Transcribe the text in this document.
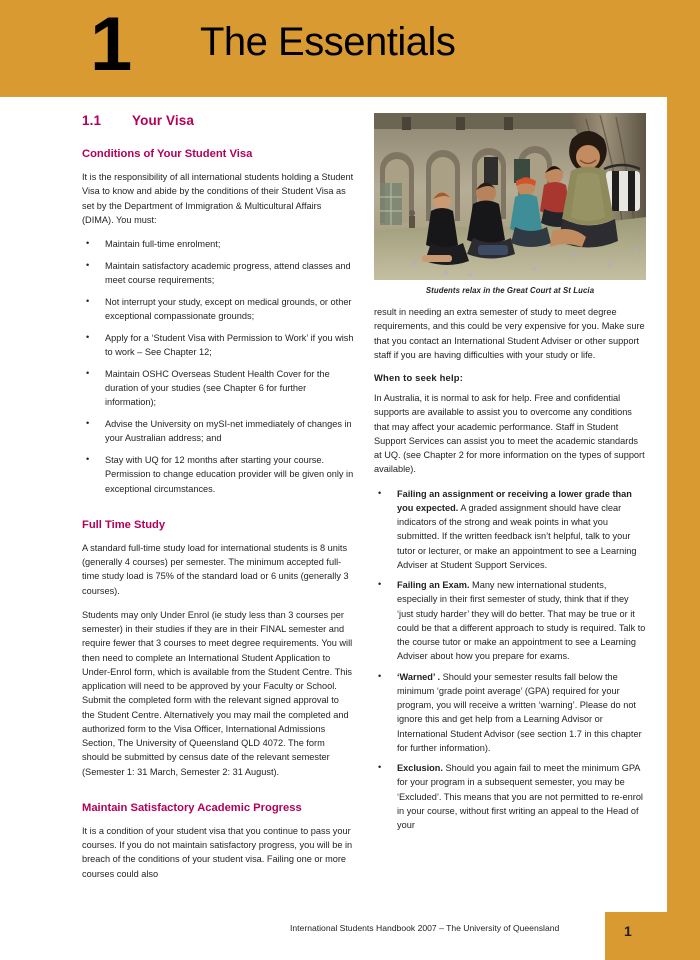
1 The Essentials
1.1 Your Visa
Conditions of Your Student Visa

It is the responsibility of all international students holding a Student Visa to know and abide by the conditions of their Student Visa as set by the Department of Immigration & Multicultural Affairs (DIMA). You must:

• Maintain full-time enrolment;
• Maintain satisfactory academic progress, attend classes and meet course requirements;
• Not interrupt your study, except on medical grounds, or other exceptional compassionate grounds;
• Apply for a ‘Student Visa with Permission to Work’ if you wish to work – See Chapter 12;
• Maintain OSHC Overseas Student Health Cover for the duration of your studies (see Chapter 6 for further information);
• Advise the University on mySI-net immediately of changes in your Australian address; and
• Stay with UQ for 12 months after starting your course. Permission to change education provider will be given only in exceptional circumstances.
Full Time Study

A standard full-time study load for international students is 8 units (generally 4 courses) per semester. The minimum accepted full-time study load is 75% of the standard load or 6 units (generally 3 courses).

Students may only Under Enrol (ie study less than 3 courses per semester) in their studies if they are in their FINAL semester and require fewer that 3 courses to meet degree requirements. You will then need to complete an International Student Application to Under-Enrol form, which is available from the Student Centre. This application will need to be approved by your Faculty or School. Submit the completed form with the relevant signed approval to the Student Centre. Alternatively you may mail the completed and authorized form to the Visa Officer, International Admissions Section, The University of Queensland QLD 4072. The form should be submitted by census date of the relevant semester (Semester 1: 31 March, Semester 2: 31 August).

Maintain Satisfactory Academic Progress

It is a condition of your student visa that you continue to pass your courses. If you do not maintain satisfactory progress, you will be in breach of the conditions of your student visa. Failing one or more courses could also

Students relax in the Great Court at St Lucia

result in needing an extra semester of study to meet degree requirements, and this could be very expensive for you. Make sure that you contact an International Student Adviser or other support staff if you are having difficulties with your study or life.

When to seek help:

In Australia, it is normal to ask for help. Free and confidential supports are available to assist you to overcome any conditions that may affect your academic performance. Staff in Student Support Services can assist you to meet the academic standards at UQ. (see Chapter 2 for more information on the types of support available).

• Failing an assignment or receiving a lower grade than you expected. A graded assignment should have clear indicators of the strong and weak points in what you submitted. If the written feedback isn’t helpful, talk to your tutor or lecturer, or make an appointment to see a Learning Adviser at Student Support Services.
• Failing an Exam. Many new international students, especially in their first semester of study, think that if they ‘just study harder’ they will do better. That may be true or it could be that a different approach to study is required. Talk to the course tutor or make an appointment to see a Learning Adviser about how you prepare for exams.
• ‘Warned’ . Should your semester results fall below the minimum ‘grade point average’ (GPA) required for your program, you will receive a written ‘warning’. Please do not ignore this and get help from a Learning Advisor or International Student Advisor (see section 1.7 in this chapter for further information).
• Exclusion. Should you again fail to meet the minimum GPA for your program in a subsequent semester, you may be ‘Excluded’. This means that you are not permitted to re-enrol in your course, without first writing an appeal to the Head of your
International Students Handbook 2007 – The University of Queensland	1
